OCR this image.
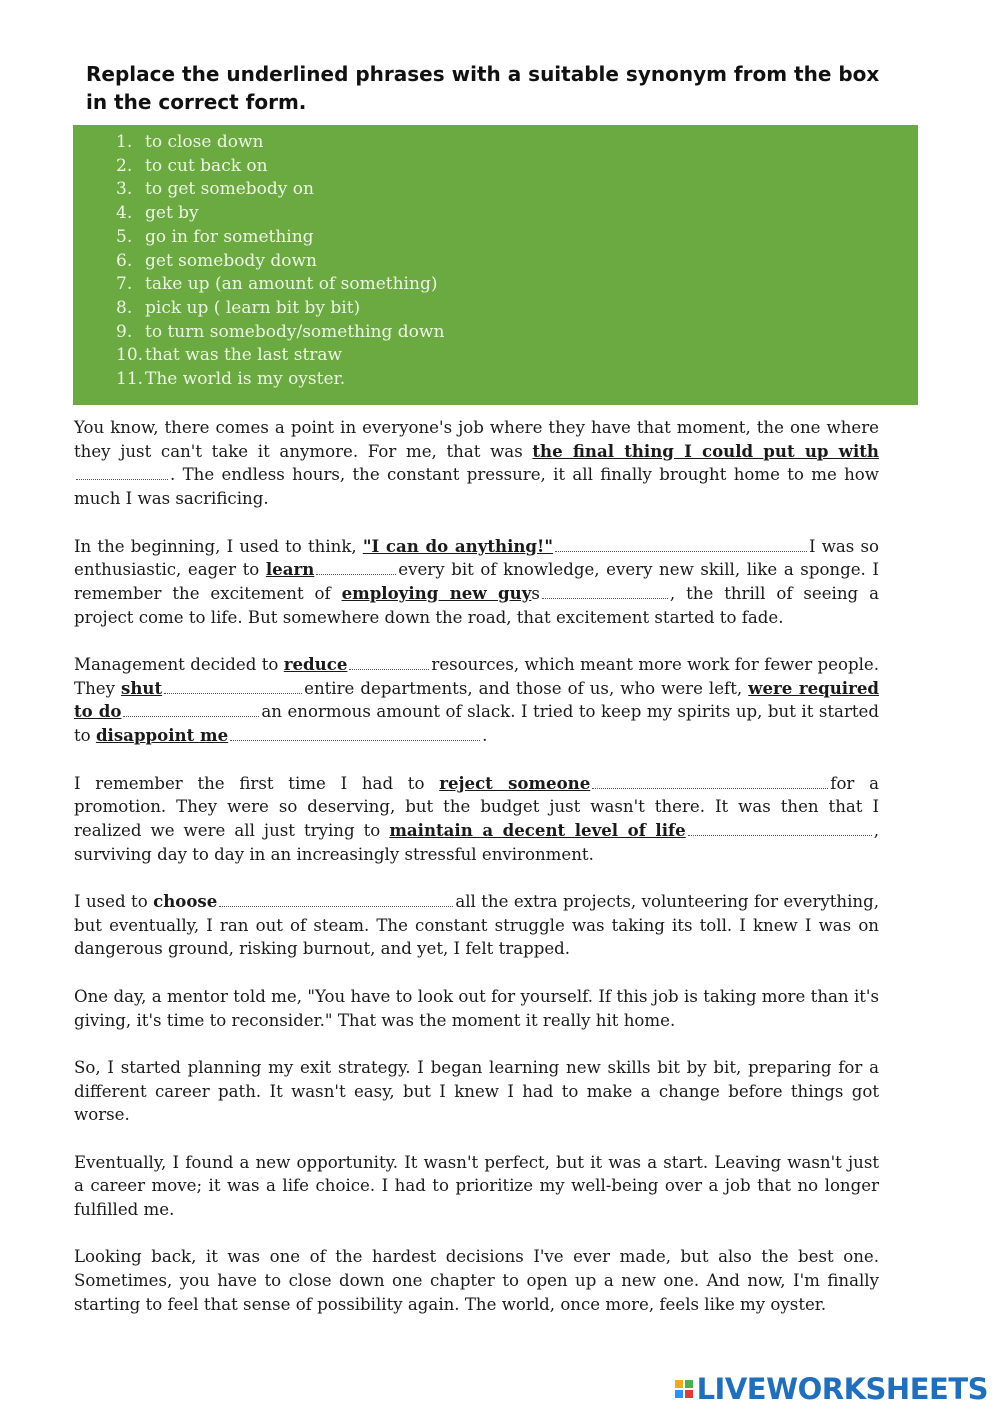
Replace the underlined phrases with a suitable synonym from the box in the correct form.
1. to close down
2. to cut back on
3. to get somebody on
4. get by
5. go in for something
6. get somebody down
7. take up (an amount of something)
8. pick up ( learn bit by bit)
9. to turn somebody/something down
10. that was the last straw
11. The world is my oyster.

You know, there comes a point in everyone's job where they have that moment, the one where they just can't take it anymore. For me, that was the final thing I could put up with. The endless hours, the constant pressure, it all finally brought home to me how much I was sacrificing.

In the beginning, I used to think, "I can do anything!"	I was so enthusiastic, eager to learn	every bit of knowledge, every new skill, like a sponge. I remember the excitement of employing new guys	, the thrill of seeing a project come to life. But somewhere down the road, that excitement started to fade.

Management decided to reduce	resources, which meant more work for fewer people. They shut	entire departments, and those of us, who were left, were required to do	an enormous amount of slack. I tried to keep my spirits up, but it started to disappoint me	.

I remember the first time I had to reject someone	for a promotion. They were so deserving, but the budget just wasn't there. It was then that I realized we were all just trying to maintain a decent level of life	, surviving day to day in an increasingly stressful environment.

I used to choose	all the extra projects, volunteering for everything, but eventually, I ran out of steam. The constant struggle was taking its toll. I knew I was on dangerous ground, risking burnout, and yet, I felt trapped.

One day, a mentor told me, "You have to look out for yourself. If this job is taking more than it's giving, it's time to reconsider." That was the moment it really hit home.

So, I started planning my exit strategy. I began learning new skills bit by bit, preparing for a different career path. It wasn't easy, but I knew I had to make a change before things got worse.

Eventually, I found a new opportunity. It wasn't perfect, but it was a start. Leaving wasn't just a career move; it was a life choice. I had to prioritize my well-being over a job that no longer fulfilled me.

Looking back, it was one of the hardest decisions I've ever made, but also the best one. Sometimes, you have to close down one chapter to open up a new one. And now, I'm finally starting to feel that sense of possibility again. The world, once more, feels like my oyster.

LIVEWORKSHEETS
